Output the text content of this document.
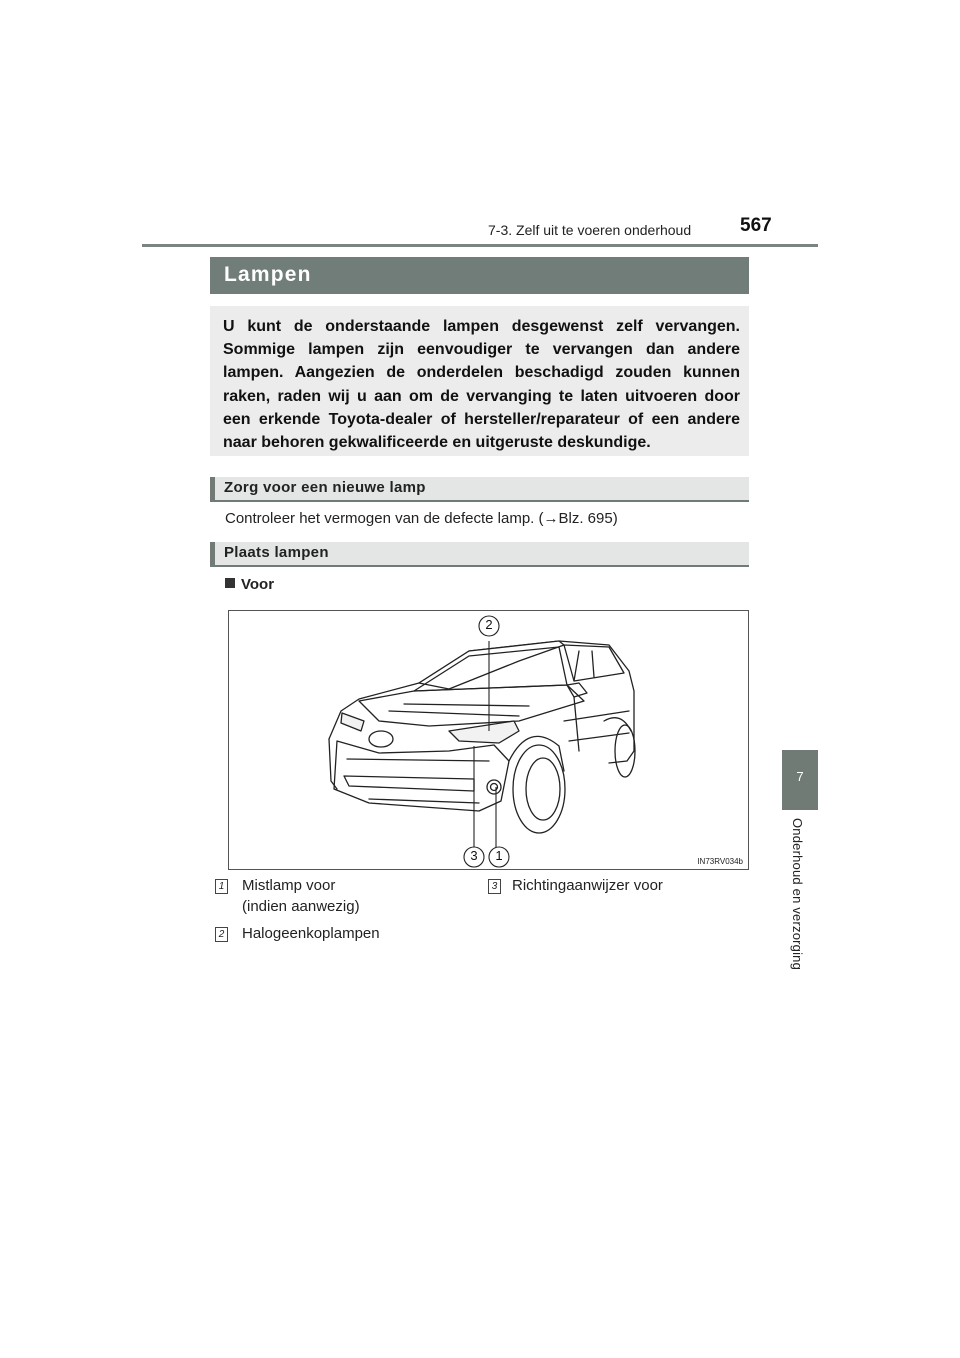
7-3. Zelf uit te voeren onderhoud	567
7
Onderhoud en verzorging
Lampen
U kunt de onderstaande lampen desgewenst zelf vervangen. Sommige lampen zijn eenvoudiger te vervangen dan andere lampen. Aangezien de onderdelen beschadigd zouden kunnen raken, raden wij u aan om de vervanging te laten uitvoeren door een erkende Toyota-dealer of hersteller/reparateur of een andere naar behoren gekwalificeerde en uitgeruste deskundige.
Zorg voor een nieuwe lamp
Controleer het vermogen van de defecte lamp. (→Blz. 695)
Plaats lampen
Voor
2
3 1	IN73RV034b
1 Mistlamp voor
(indien aanwezig)
2 Halogeenkoplampen
3 Richtingaanwijzer voor
